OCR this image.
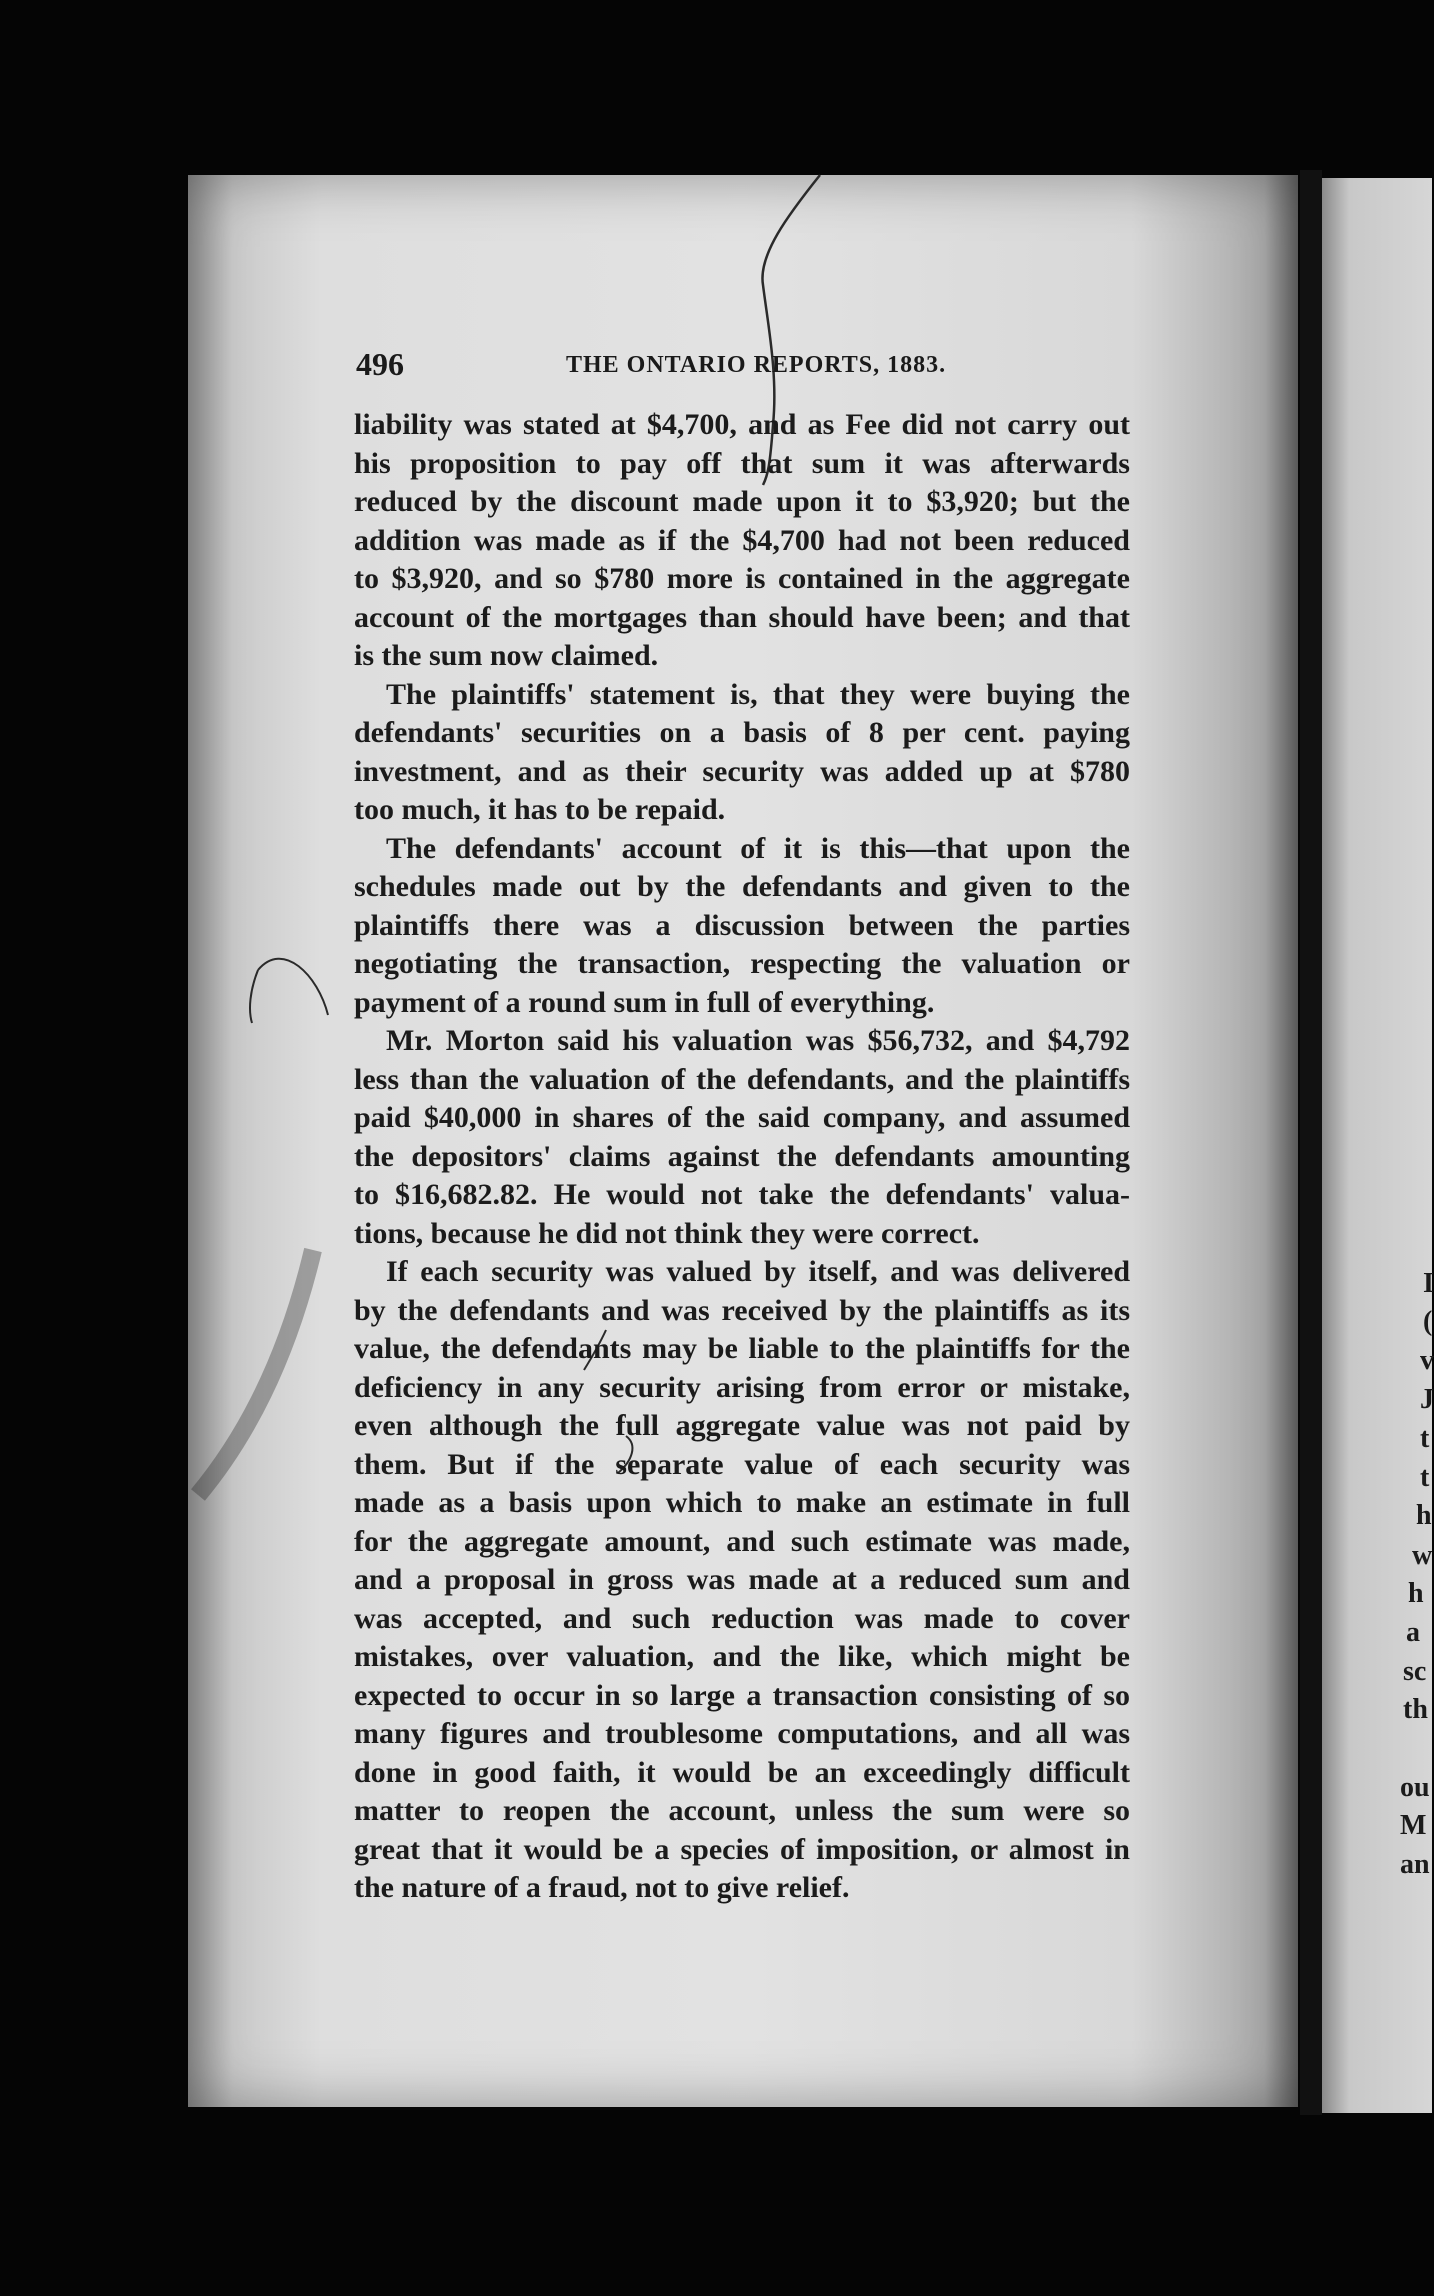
496	THE ONTARIO REPORTS, 1883.
liability was stated at $4,700, and as Fee did not carry out
his proposition to pay off that sum it was afterwards
reduced by the discount made upon it to $3,920; but the
addition was made as if the $4,700 had not been reduced
to $3,920, and so $780 more is contained in the aggregate
account of the mortgages than should have been; and that
is the sum now claimed.
The plaintiffs' statement is, that they were buying the
defendants' securities on a basis of 8 per cent. paying
investment, and as their security was added up at $780
too much, it has to be repaid.
The defendants' account of it is this—that upon the
schedules made out by the defendants and given to the
plaintiffs there was a discussion between the parties
negotiating the transaction, respecting the valuation or
payment of a round sum in full of everything.
Mr. Morton said his valuation was $56,732, and $4,792
less than the valuation of the defendants, and the plaintiffs
paid $40,000 in shares of the said company, and assumed
the depositors' claims against the defendants amounting
to $16,682.82. He would not take the defendants' valua-
tions, because he did not think they were correct.
If each security was valued by itself, and was delivered
by the defendants and was received by the plaintiffs as its
value, the defendants may be liable to the plaintiffs for the
deficiency in any security arising from error or mistake,
even although the full aggregate value was not paid by
them. But if the separate value of each security was
made as a basis upon which to make an estimate in full
for the aggregate amount, and such estimate was made,
and a proposal in gross was made at a reduced sum and
was accepted, and such reduction was made to cover
mistakes, over valuation, and the like, which might be
expected to occur in so large a transaction consisting of so
many figures and troublesome computations, and all was
done in good faith, it would be an exceedingly difficult
matter to reopen the account, unless the sum were so
great that it would be a species of imposition, or almost in
the nature of a fraud, not to give relief.
I
(
v
J
t
t
h
w
h
a
sc
th
ou
M
an
